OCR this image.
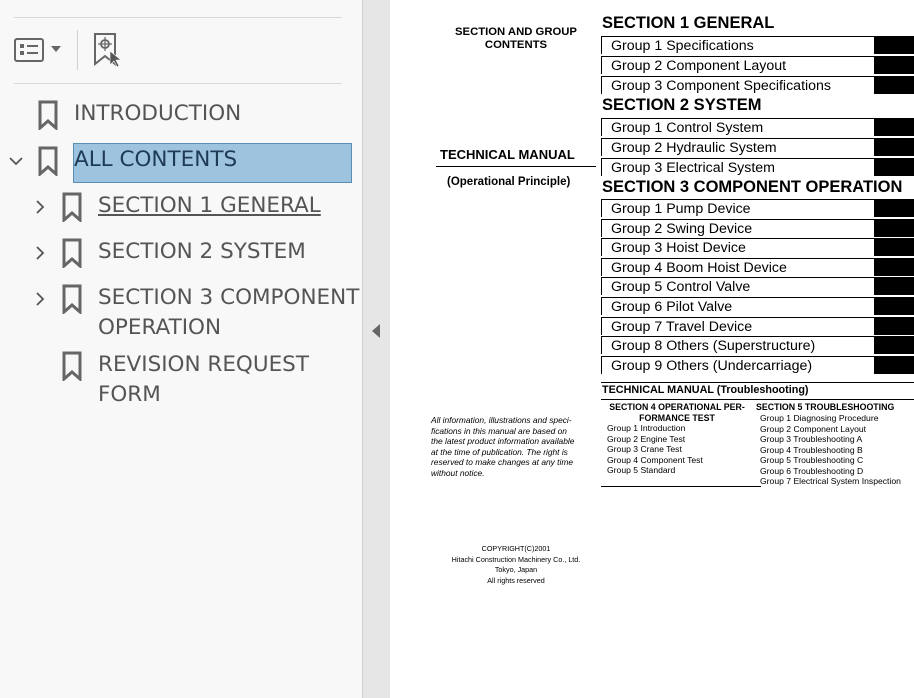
INTRODUCTION
ALL CONTENTS
SECTION 1 GENERAL
SECTION 2 SYSTEM
SECTION 3 COMPONENT
OPERATION
REVISION REQUEST
FORM
SECTION AND GROUP
CONTENTS
TECHNICAL MANUAL
(Operational Principle)
All information, illustrations and speci-
fications in this manual are based on
the latest product information available
at the time of publication. The right is
reserved to make changes at any time
without notice.
COPYRIGHT(C)2001
Hitachi Construction Machinery Co., Ltd.
Tokyo, Japan
All rights reserved
SECTION 1 GENERAL
Group 1 Specifications
Group 2 Component Layout
Group 3 Component Specifications
SECTION 2 SYSTEM
Group 1 Control System
Group 2 Hydraulic System
Group 3 Electrical System
SECTION 3 COMPONENT OPERATION
Group 1 Pump Device
Group 2 Swing Device
Group 3 Hoist Device
Group 4 Boom Hoist Device
Group 5 Control Valve
Group 6 Pilot Valve
Group 7 Travel Device
Group 8 Others (Superstructure)
Group 9 Others (Undercarriage)
TECHNICAL MANUAL (Troubleshooting)
SECTION 4 OPERATIONAL PER-
FORMANCE TEST
Group 1 Introduction
Group 2 Engine Test
Group 3 Crane Test
Group 4 Component Test
Group 5 Standard
SECTION 5 TROUBLESHOOTING
Group 1 Diagnosing Procedure
Group 2 Component Layout
Group 3 Troubleshooting A
Group 4 Troubleshooting B
Group 5 Troubleshooting C
Group 6 Troubleshooting D
Group 7 Electrical System Inspection
